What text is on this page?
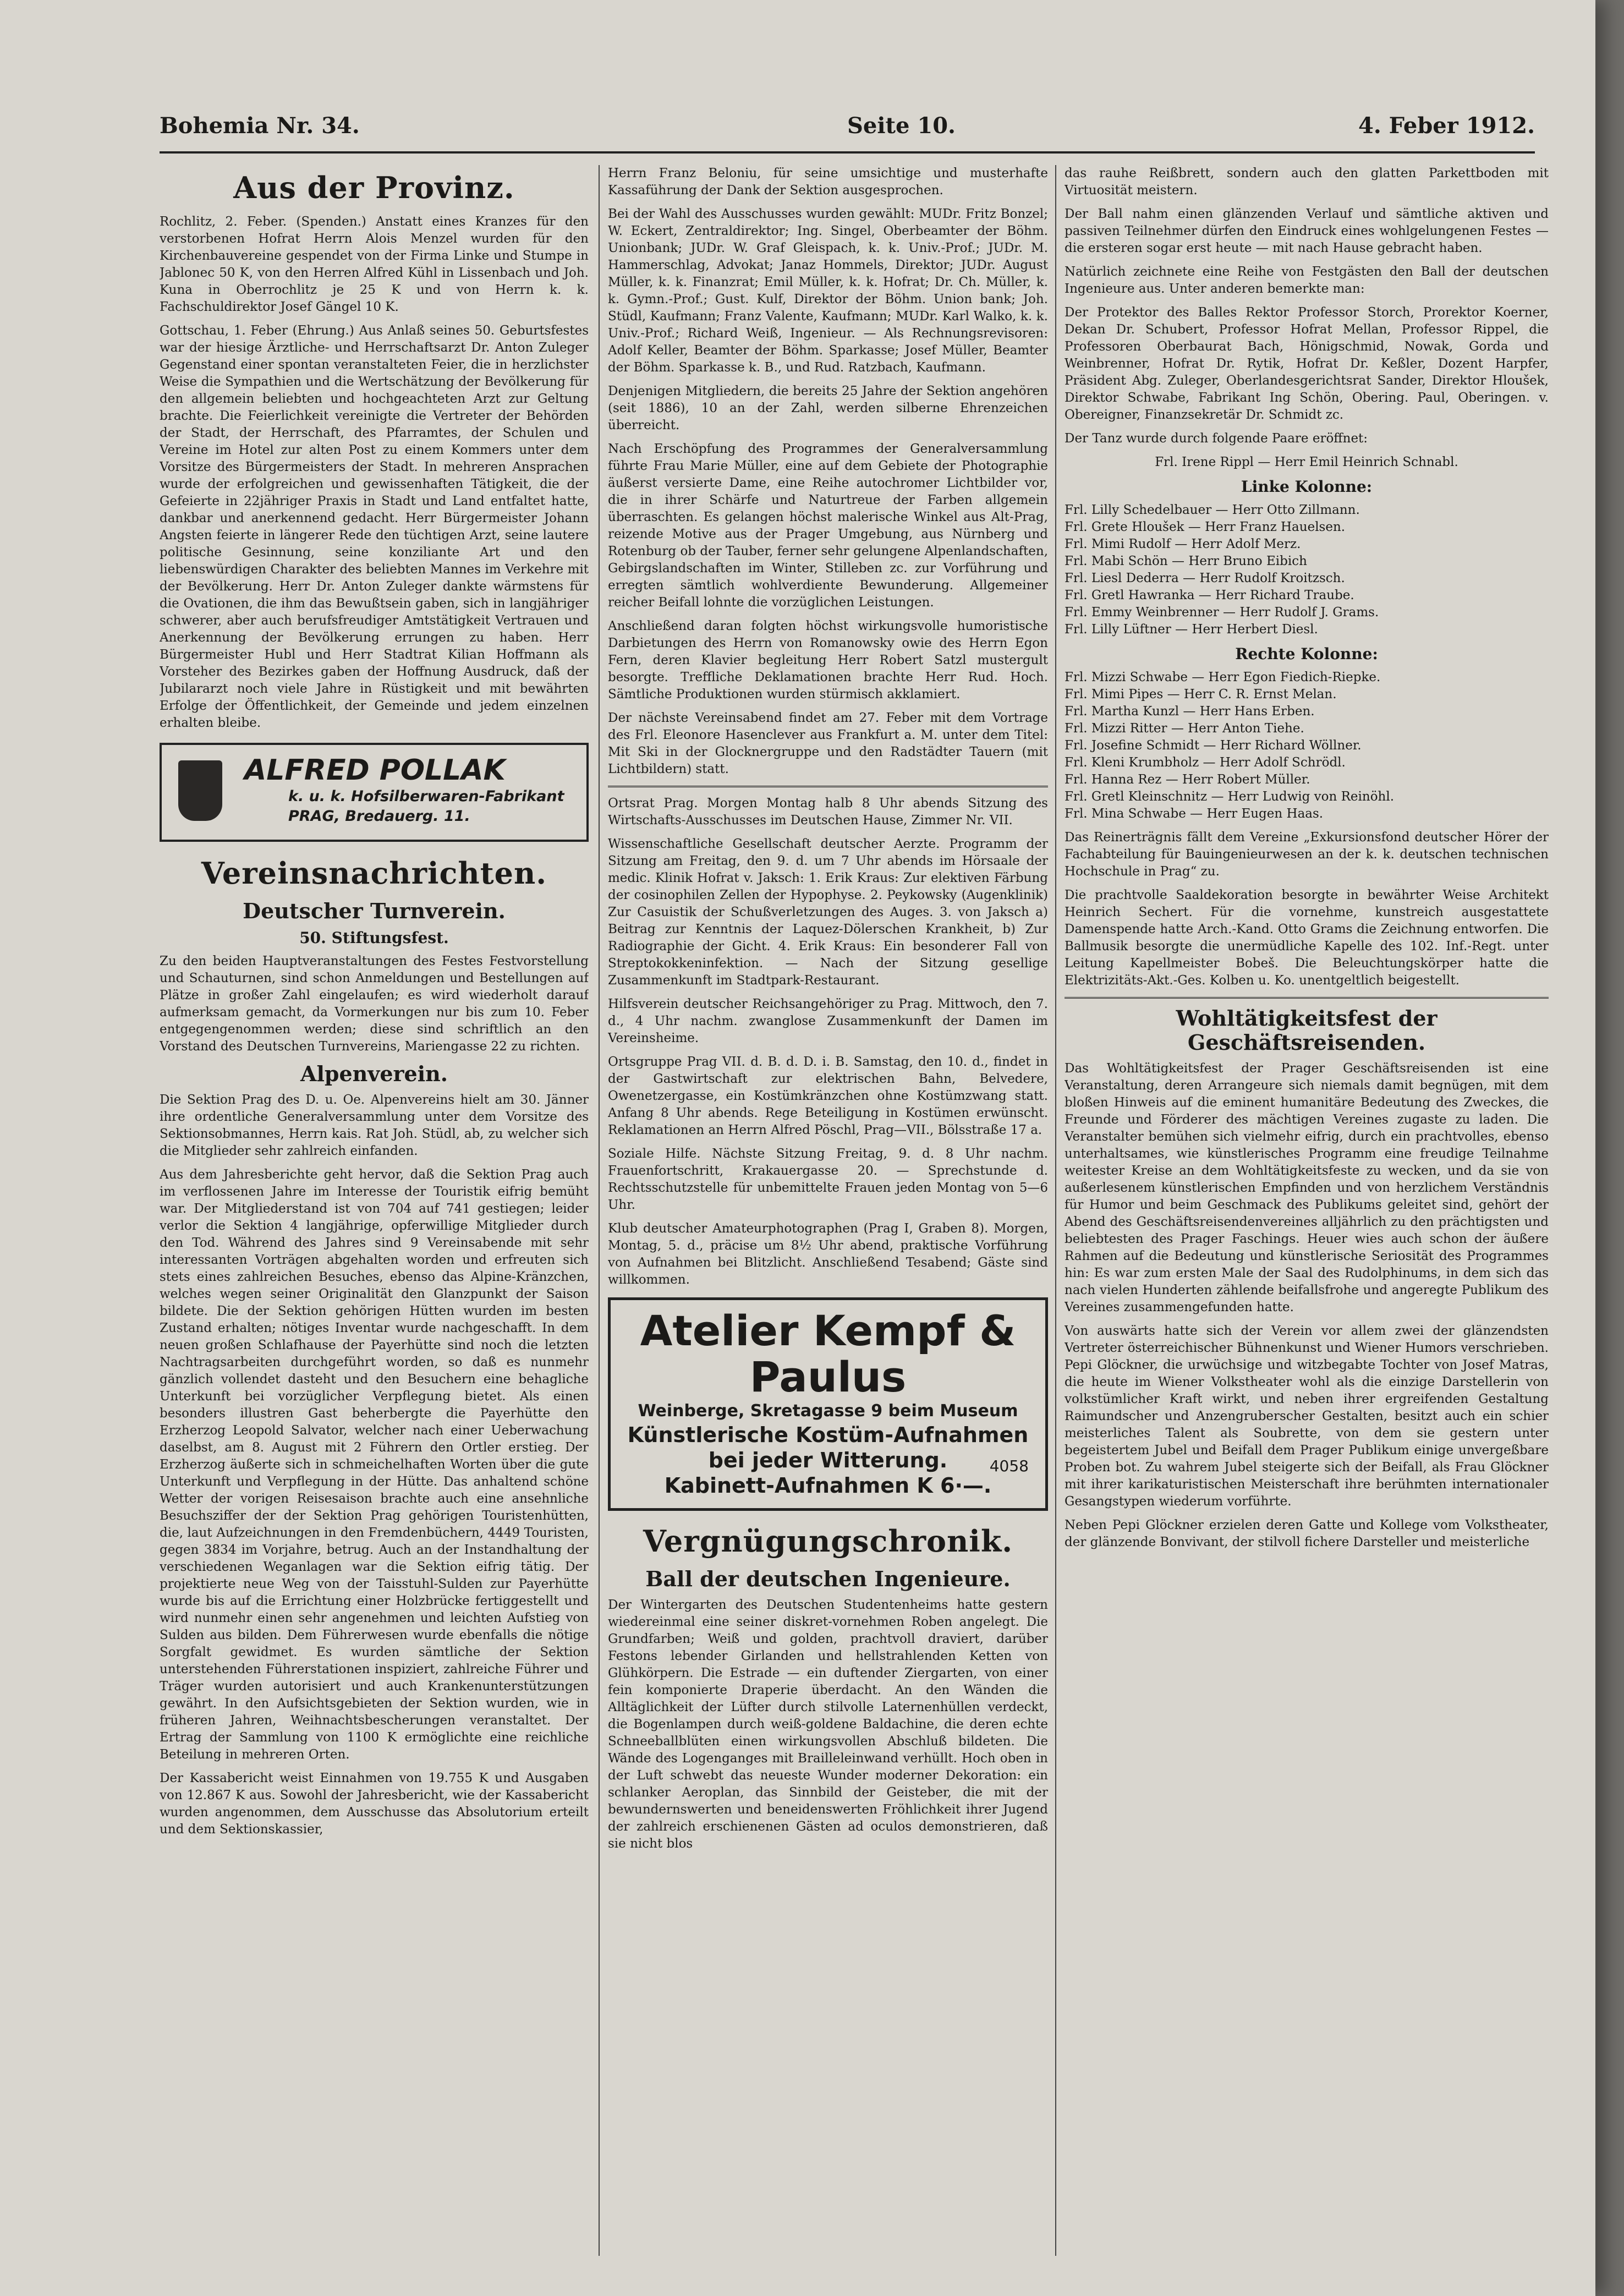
Bohemia Nr. 34.	Seite 10.	4. Feber 1912.
Aus der Provinz.

Rochlitz, 2. Feber. (Spenden.) Anstatt eines Kranzes für den verstorbenen Hofrat Herrn Alois Menzel wurden für den Kirchenbauvereine gespendet von der Firma Linke und Stumpe in Jablonec 50 K, von den Herren Alfred Kühl in Lissenbach und Joh. Kuna in Oberrochlitz je 25 K und von Herrn k. k. Fachschuldirektor Josef Gängel 10 K.

Gottschau, 1. Feber (Ehrung.) Aus Anlaß seines 50. Geburtsfestes war der hiesige Ärztliche- und Herrschaftsarzt Dr. Anton Zuleger Gegenstand einer spontan veranstalteten Feier, die in herzlichster Weise die Sympathien und die Wertschätzung der Bevölkerung für den allgemein beliebten und hochgeachteten Arzt zur Geltung brachte. Die Feierlichkeit vereinigte die Vertreter der Behörden der Stadt, der Herrschaft, des Pfarramtes, der Schulen und Vereine im Hotel zur alten Post zu einem Kommers unter dem Vorsitze des Bürgermeisters der Stadt. In mehreren Ansprachen wurde der erfolgreichen und gewissenhaften Tätigkeit, die der Gefeierte in 22jähriger Praxis in Stadt und Land entfaltet hatte, dankbar und anerkennend gedacht. Herr Bürgermeister Johann Angsten feierte in längerer Rede den tüchtigen Arzt, seine lautere politische Gesinnung, seine konziliante Art und den liebenswürdigen Charakter des beliebten Mannes im Verkehre mit der Bevölkerung. Herr Dr. Anton Zuleger dankte wärmstens für die Ovationen, die ihm das Bewußtsein gaben, sich in langjähriger schwerer, aber auch berufsfreudiger Amtstätigkeit Vertrauen und Anerkennung der Bevölkerung errungen zu haben. Herr Bürgermeister Hubl und Herr Stadtrat Kilian Hoffmann als Vorsteher des Bezirkes gaben der Hoffnung Ausdruck, daß der Jubilararzt noch viele Jahre in Rüstigkeit und mit bewährten Erfolge der Öffentlichkeit, der Gemeinde und jedem einzelnen erhalten bleibe.

ALFRED POLLAK
k. u. k. Hofsilberwaren-Fabrikant
PRAG, Bredauerg. 11.
Vereinsnachrichten.
Deutscher Turnverein.
50. Stiftungsfest.

Zu den beiden Hauptveranstaltungen des Festes Festvorstellung und Schauturnen, sind schon Anmeldungen und Bestellungen auf Plätze in großer Zahl eingelaufen; es wird wiederholt darauf aufmerksam gemacht, da Vormerkungen nur bis zum 10. Feber entgegengenommen werden; diese sind schriftlich an den Vorstand des Deutschen Turnvereins, Mariengasse 22 zu richten.

Alpenverein.

Die Sektion Prag des D. u. Oe. Alpenvereins hielt am 30. Jänner ihre ordentliche Generalversammlung unter dem Vorsitze des Sektionsobmannes, Herrn kais. Rat Joh. Stüdl, ab, zu welcher sich die Mitglieder sehr zahlreich einfanden.

Aus dem Jahresberichte geht hervor, daß die Sektion Prag auch im verflossenen Jahre im Interesse der Touristik eifrig bemüht war. Der Mitgliederstand ist von 704 auf 741 gestiegen; leider verlor die Sektion 4 langjährige, opferwillige Mitglieder durch den Tod. Während des Jahres sind 9 Vereinsabende mit sehr interessanten Vorträgen abgehalten worden und erfreuten sich stets eines zahlreichen Besuches, ebenso das Alpine-Kränzchen, welches wegen seiner Originalität den Glanzpunkt der Saison bildete. Die der Sektion gehörigen Hütten wurden im besten Zustand erhalten; nötiges Inventar wurde nachgeschafft. In dem neuen großen Schlafhause der Payerhütte sind noch die letzten Nachtragsarbeiten durchgeführt worden, so daß es nunmehr gänzlich vollendet dasteht und den Besuchern eine behagliche Unterkunft bei vorzüglicher Verpflegung bietet. Als einen besonders illustren Gast beherbergte die Payerhütte den Erzherzog Leopold Salvator, welcher nach einer Ueberwachung daselbst, am 8. August mit 2 Führern den Ortler erstieg. Der Erzherzog äußerte sich in schmeichelhaften Worten über die gute Unterkunft und Verpflegung in der Hütte. Das anhaltend schöne Wetter der vorigen Reisesaison brachte auch eine ansehnliche Besuchsziffer der der Sektion Prag gehörigen Touristenhütten, die, laut Aufzeichnungen in den Fremdenbüchern, 4449 Touristen, gegen 3834 im Vorjahre, betrug. Auch an der Instandhaltung der verschiedenen Weganlagen war die Sektion eifrig tätig. Der projektierte neue Weg von der Taisstuhl-Sulden zur Payerhütte wurde bis auf die Errichtung einer Holzbrücke fertiggestellt und wird nunmehr einen sehr angenehmen und leichten Aufstieg von Sulden aus bilden. Dem Führerwesen wurde ebenfalls die nötige Sorgfalt gewidmet. Es wurden sämtliche der Sektion unterstehenden Führerstationen inspiziert, zahlreiche Führer und Träger wurden autorisiert und auch Krankenunterstützungen gewährt. In den Aufsichtsgebieten der Sektion wurden, wie in früheren Jahren, Weihnachtsbescherungen veranstaltet. Der Ertrag der Sammlung von 1100 K ermöglichte eine reichliche Beteilung in mehreren Orten.

Der Kassabericht weist Einnahmen von 19.755 K und Ausgaben von 12.867 K aus. Sowohl der Jahresbericht, wie der Kassabericht wurden angenommen, dem Ausschusse das Absolutorium erteilt und dem Sektionskassier,

Herrn Franz Beloniu, für seine umsichtige und musterhafte Kassaführung der Dank der Sektion ausgesprochen.

Bei der Wahl des Ausschusses wurden gewählt: MUDr. Fritz Bonzel; W. Eckert, Zentraldirektor; Ing. Singel, Oberbeamter der Böhm. Unionbank; JUDr. W. Graf Gleispach, k. k. Univ.-Prof.; JUDr. M. Hammerschlag, Advokat; Janaz Hommels, Direktor; JUDr. August Müller, k. k. Finanzrat; Emil Müller, k. k. Hofrat; Dr. Ch. Müller, k. k. Gymn.-Prof.; Gust. Kulf, Direktor der Böhm. Union bank; Joh. Stüdl, Kaufmann; Franz Valente, Kaufmann; MUDr. Karl Walko, k. k. Univ.-Prof.; Richard Weiß, Ingenieur. — Als Rechnungsrevisoren: Adolf Keller, Beamter der Böhm. Sparkasse; Josef Müller, Beamter der Böhm. Sparkasse k. B., und Rud. Ratzbach, Kaufmann.

Denjenigen Mitgliedern, die bereits 25 Jahre der Sektion angehören (seit 1886), 10 an der Zahl, werden silberne Ehrenzeichen überreicht.

Nach Erschöpfung des Programmes der Generalversammlung führte Frau Marie Müller, eine auf dem Gebiete der Photographie äußerst versierte Dame, eine Reihe autochromer Lichtbilder vor, die in ihrer Schärfe und Naturtreue der Farben allgemein überraschten. Es gelangen höchst malerische Winkel aus Alt-Prag, reizende Motive aus der Prager Umgebung, aus Nürnberg und Rotenburg ob der Tauber, ferner sehr gelungene Alpenlandschaften, Gebirgslandschaften im Winter, Stilleben zc. zur Vorführung und erregten sämtlich wohlverdiente Bewunderung. Allgemeiner reicher Beifall lohnte die vorzüglichen Leistungen.

Anschließend daran folgten höchst wirkungsvolle humoristische Darbietungen des Herrn von Romanowsky owie des Herrn Egon Fern, deren Klavier begleitung Herr Robert Satzl mustergult besorgte. Treffliche Deklamationen brachte Herr Rud. Hoch. Sämtliche Produktionen wurden stürmisch akklamiert.

Der nächste Vereinsabend findet am 27. Feber mit dem Vortrage des Frl. Eleonore Hasenclever aus Frankfurt a. M. unter dem Titel: Mit Ski in der Glocknergruppe und den Radstädter Tauern (mit Lichtbildern) statt.

Ortsrat Prag. Morgen Montag halb 8 Uhr abends Sitzung des Wirtschafts-Ausschusses im Deutschen Hause, Zimmer Nr. VII.

Wissenschaftliche Gesellschaft deutscher Aerzte. Programm der Sitzung am Freitag, den 9. d. um 7 Uhr abends im Hörsaale der medic. Klinik Hofrat v. Jaksch: 1. Erik Kraus: Zur elektiven Färbung der cosinophilen Zellen der Hypophyse. 2. Peykowsky (Augenklinik) Zur Casuistik der Schußverletzungen des Auges. 3. von Jaksch a) Beitrag zur Kenntnis der Laquez-Dölerschen Krankheit, b) Zur Radiographie der Gicht. 4. Erik Kraus: Ein besonderer Fall von Streptokokkeninfektion. — Nach der Sitzung gesellige Zusammenkunft im Stadtpark-Restaurant.

Hilfsverein deutscher Reichsangehöriger zu Prag. Mittwoch, den 7. d., 4 Uhr nachm. zwanglose Zusammenkunft der Damen im Vereinsheime.

Ortsgruppe Prag VII. d. B. d. D. i. B. Samstag, den 10. d., findet in der Gastwirtschaft zur elektrischen Bahn, Belvedere, Owenetzergasse, ein Kostümkränzchen ohne Kostümzwang statt. Anfang 8 Uhr abends. Rege Beteiligung in Kostümen erwünscht. Reklamationen an Herrn Alfred Pöschl, Prag—VII., Bölsstraße 17 a.

Soziale Hilfe. Nächste Sitzung Freitag, 9. d. 8 Uhr nachm. Frauenfortschritt, Krakauergasse 20. — Sprechstunde d. Rechtsschutzstelle für unbemittelte Frauen jeden Montag von 5—6 Uhr.

Klub deutscher Amateurphotographen (Prag I, Graben 8). Morgen, Montag, 5. d., präcise um 8½ Uhr abend, praktische Vorführung von Aufnahmen bei Blitzlicht. Anschließend Tesabend; Gäste sind willkommen.

Atelier Kempf & Paulus
Weinberge, Skretagasse 9 beim Museum
Künstlerische Kostüm-Aufnahmen
bei jeder Witterung.
Kabinett-Aufnahmen K 6·—.
4058
Vergnügungschronik.
Ball der deutschen Ingenieure.

Der Wintergarten des Deutschen Studentenheims hatte gestern wiedereinmal eine seiner diskret-vornehmen Roben angelegt. Die Grundfarben; Weiß und golden, prachtvoll draviert, darüber Festons lebender Girlanden und hellstrahlenden Ketten von Glühkörpern. Die Estrade — ein duftender Ziergarten, von einer fein komponierte Draperie überdacht. An den Wänden die Alltäglichkeit der Lüfter durch stilvolle Laternenhüllen verdeckt, die Bogenlampen durch weiß-goldene Baldachine, die deren echte Schneeballblüten einen wirkungsvollen Abschluß bildeten. Die Wände des Logenganges mit Brailleleinwand verhüllt. Hoch oben in der Luft schwebt das neueste Wunder moderner Dekoration: ein schlanker Aeroplan, das Sinnbild der Geisteber, die mit der bewundernswerten und beneidenswerten Fröhlichkeit ihrer Jugend der zahlreich erschienenen Gästen ad oculos demonstrieren, daß sie nicht blos

das rauhe Reißbrett, sondern auch den glatten Parkettboden mit Virtuosität meistern.

Der Ball nahm einen glänzenden Verlauf und sämtliche aktiven und passiven Teilnehmer dürfen den Eindruck eines wohlgelungenen Festes — die ersteren sogar erst heute — mit nach Hause gebracht haben.

Natürlich zeichnete eine Reihe von Festgästen den Ball der deutschen Ingenieure aus. Unter anderen bemerkte man:

Der Protektor des Balles Rektor Professor Storch, Prorektor Koerner, Dekan Dr. Schubert, Professor Hofrat Mellan, Professor Rippel, die Professoren Oberbaurat Bach, Hönigschmid, Nowak, Gorda und Weinbrenner, Hofrat Dr. Rytik, Hofrat Dr. Keßler, Dozent Harpfer, Präsident Abg. Zuleger, Oberlandesgerichtsrat Sander, Direktor Hloušek, Direktor Schwabe, Fabrikant Ing Schön, Obering. Paul, Oberingen. v. Obereigner, Finanzsekretär Dr. Schmidt zc.

Der Tanz wurde durch folgende Paare eröffnet:

Frl. Irene Rippl — Herr Emil Heinrich Schnabl.

Linke Kolonne:
Frl. Lilly Schedelbauer — Herr Otto Zillmann.
Frl. Grete Hloušek — Herr Franz Hauelsen.
Frl. Mimi Rudolf — Herr Adolf Merz.
Frl. Mabi Schön — Herr Bruno Eibich
Frl. Liesl Dederra — Herr Rudolf Kroitzsch.
Frl. Gretl Hawranka — Herr Richard Traube.
Frl. Emmy Weinbrenner — Herr Rudolf J. Grams.
Frl. Lilly Lüftner — Herr Herbert Diesl.
Rechte Kolonne:
Frl. Mizzi Schwabe — Herr Egon Fiedich-Riepke.
Frl. Mimi Pipes — Herr C. R. Ernst Melan.
Frl. Martha Kunzl — Herr Hans Erben.
Frl. Mizzi Ritter — Herr Anton Tiehe.
Frl. Josefine Schmidt — Herr Richard Wöllner.
Frl. Kleni Krumbholz — Herr Adolf Schrödl.
Frl. Hanna Rez — Herr Robert Müller.
Frl. Gretl Kleinschnitz — Herr Ludwig von Reinöhl.
Frl. Mina Schwabe — Herr Eugen Haas.

Das Reinerträgnis fällt dem Vereine „Exkursionsfond deutscher Hörer der Fachabteilung für Bauingenieurwesen an der k. k. deutschen technischen Hochschule in Prag“ zu.

Die prachtvolle Saaldekoration besorgte in bewährter Weise Architekt Heinrich Sechert. Für die vornehme, kunstreich ausgestattete Damenspende hatte Arch.-Kand. Otto Grams die Zeichnung entworfen. Die Ballmusik besorgte die unermüdliche Kapelle des 102. Inf.-Regt. unter Leitung Kapellmeister Bobeš. Die Beleuchtungskörper hatte die Elektrizitäts-Akt.-Ges. Kolben u. Ko. unentgeltlich beigestellt.

Wohltätigkeitsfest der Geschäftsreisenden.

Das Wohltätigkeitsfest der Prager Geschäftsreisenden ist eine Veranstaltung, deren Arrangeure sich niemals damit begnügen, mit dem bloßen Hinweis auf die eminent humanitäre Bedeutung des Zweckes, die Freunde und Förderer des mächtigen Vereines zugaste zu laden. Die Veranstalter bemühen sich vielmehr eifrig, durch ein prachtvolles, ebenso unterhaltsames, wie künstlerisches Programm eine freudige Teilnahme weitester Kreise an dem Wohltätigkeitsfeste zu wecken, und da sie von außerlesenem künstlerischen Empfinden und von herzlichem Verständnis für Humor und beim Geschmack des Publikums geleitet sind, gehört der Abend des Geschäftsreisendenvereines alljährlich zu den prächtigsten und beliebtesten des Prager Faschings. Heuer wies auch schon der äußere Rahmen auf die Bedeutung und künstlerische Seriosität des Programmes hin: Es war zum ersten Male der Saal des Rudolphinums, in dem sich das nach vielen Hunderten zählende beifallsfrohe und angeregte Publikum des Vereines zusammengefunden hatte.

Von auswärts hatte sich der Verein vor allem zwei der glänzendsten Vertreter österreichischer Bühnenkunst und Wiener Humors verschrieben. Pepi Glöckner, die urwüchsige und witzbegabte Tochter von Josef Matras, die heute im Wiener Volkstheater wohl als die einzige Darstellerin von volkstümlicher Kraft wirkt, und neben ihrer ergreifenden Gestaltung Raimundscher und Anzengruberscher Gestalten, besitzt auch ein schier meisterliches Talent als Soubrette, von dem sie gestern unter begeistertem Jubel und Beifall dem Prager Publikum einige unvergeßbare Proben bot. Zu wahrem Jubel steigerte sich der Beifall, als Frau Glöckner mit ihrer karikaturistischen Meisterschaft ihre berühmten internationaler Gesangstypen wiederum vorführte.

Neben Pepi Glöckner erzielen deren Gatte und Kollege vom Volkstheater, der glänzende Bonvivant, der stilvoll fichere Darsteller und meisterliche
